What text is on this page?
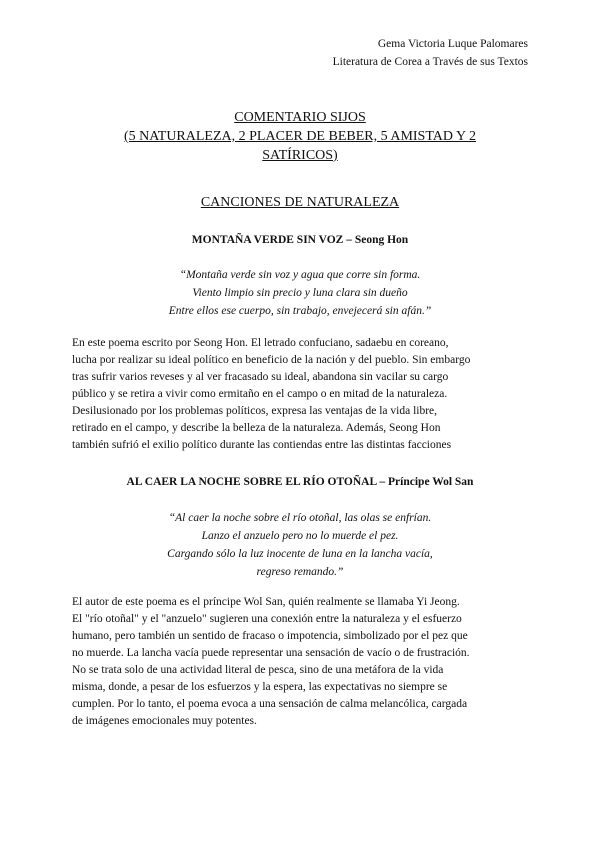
Gema Victoria Luque Palomares
Literatura de Corea a Través de sus Textos
COMENTARIO SIJOS
(5 NATURALEZA, 2 PLACER DE BEBER, 5 AMISTAD Y 2
SATÍRICOS)
CANCIONES DE NATURALEZA
MONTAÑA VERDE SIN VOZ – Seong Hon
“Montaña verde sin voz y agua que corre sin forma.
Viento limpio sin precio y luna clara sin dueño
Entre ellos ese cuerpo, sin trabajo, envejecerá sin afán.”
En este poema escrito por Seong Hon. El letrado confuciano, sadaebu en coreano,
lucha por realizar su ideal político en beneficio de la nación y del pueblo. Sin embargo
tras sufrir varios reveses y al ver fracasado su ideal, abandona sin vacilar su cargo
público y se retira a vivir como ermitaño en el campo o en mitad de la naturaleza.
Desilusionado por los problemas políticos, expresa las ventajas de la vida libre,
retirado en el campo, y describe la belleza de la naturaleza. Además, Seong Hon
también sufrió el exilio político durante las contiendas entre las distintas facciones
AL CAER LA NOCHE SOBRE EL RÍO OTOÑAL – Príncipe Wol San
“Al caer la noche sobre el río otoñal, las olas se enfrían.
Lanzo el anzuelo pero no lo muerde el pez.
Cargando sólo la luz inocente de luna en la lancha vacía,
regreso remando.”
El autor de este poema es el príncipe Wol San, quién realmente se llamaba Yi Jeong.
El "río otoñal" y el "anzuelo" sugieren una conexión entre la naturaleza y el esfuerzo
humano, pero también un sentido de fracaso o impotencia, simbolizado por el pez que
no muerde. La lancha vacía puede representar una sensación de vacío o de frustración.
No se trata solo de una actividad literal de pesca, sino de una metáfora de la vida
misma, donde, a pesar de los esfuerzos y la espera, las expectativas no siempre se
cumplen. Por lo tanto, el poema evoca a una sensación de calma melancólica, cargada
de imágenes emocionales muy potentes.
